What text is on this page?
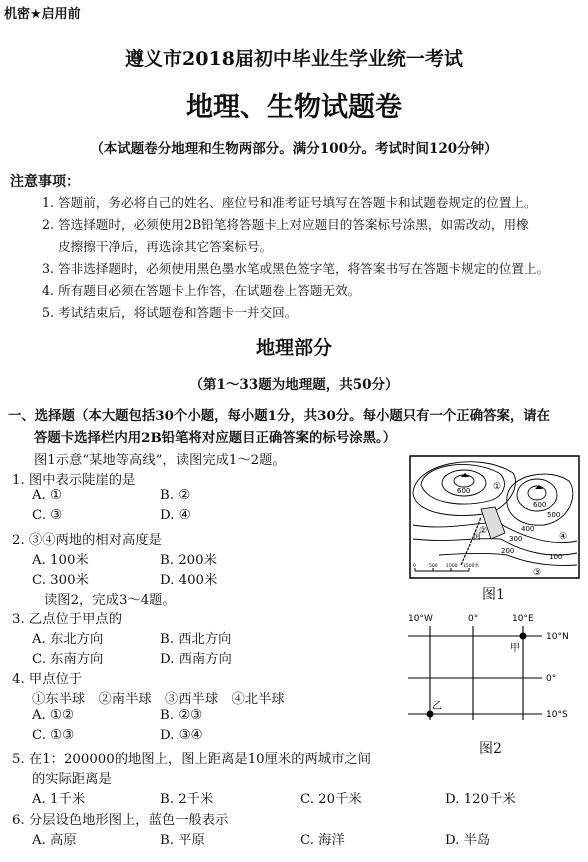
机密★启用前
遵义市2018届初中毕业生学业统一考试
地理、生物试题卷
（本试题卷分地理和生物两部分。满分100分。考试时间120分钟）
注意事项：
1. 答题前，务必将自己的姓名、座位号和准考证号填写在答题卡和试题卷规定的位置上。
2. 答选择题时，必须使用2B铅笔将答题卡上对应题目的答案标号涂黑，如需改动，用橡
皮擦擦干净后，再选涂其它答案标号。
3. 答非选择题时，必须使用黑色墨水笔或黑色签字笔，将答案书写在答题卡规定的位置上。
4. 所有题目必须在答题卡上作答，在试题卷上答题无效。
5. 考试结束后，将试题卷和答题卡一并交回。
地理部分
（第1～33题为地理题，共50分）
一、选择题（本大题包括30个小题，每小题1分，共30分。每小题只有一个正确答案，请在
答题卡选择栏内用2B铅笔将对应题目正确答案的标号涂黑。）
图1示意“某地等高线”，读图完成1～2题。
1. 图中表示陡崖的是
A. ①	B. ②
C. ③	D. ④
2. ③④两地的相对高度是
A. 100米	B. 200米
C. 300米	D. 400米
读图2，完成3～4题。
3. 乙点位于甲点的
A. 东北方向	B. 西北方向
C. 东南方向	D. 西南方向
4. 甲点位于
①东半球　②南半球　③西半球　④北半球
A. ①②	B. ②③
C. ①③	D. ③④
5. 在1：200000的地图上，图上距离是10厘米的两城市之间
的实际距离是
A. 1千米	B. 2千米	C. 20千米	D. 120千米
6. 分层设色地形图上，蓝色一般表示
A. 高原	B. 平原	C. 海洋	D. 半岛
600
600
500
400
300
200
100
①
②
④
③
河
0	500 1000 1500米
图1
10°W	0°	10°E
10°N
0°
10°S
甲
乙
图2
